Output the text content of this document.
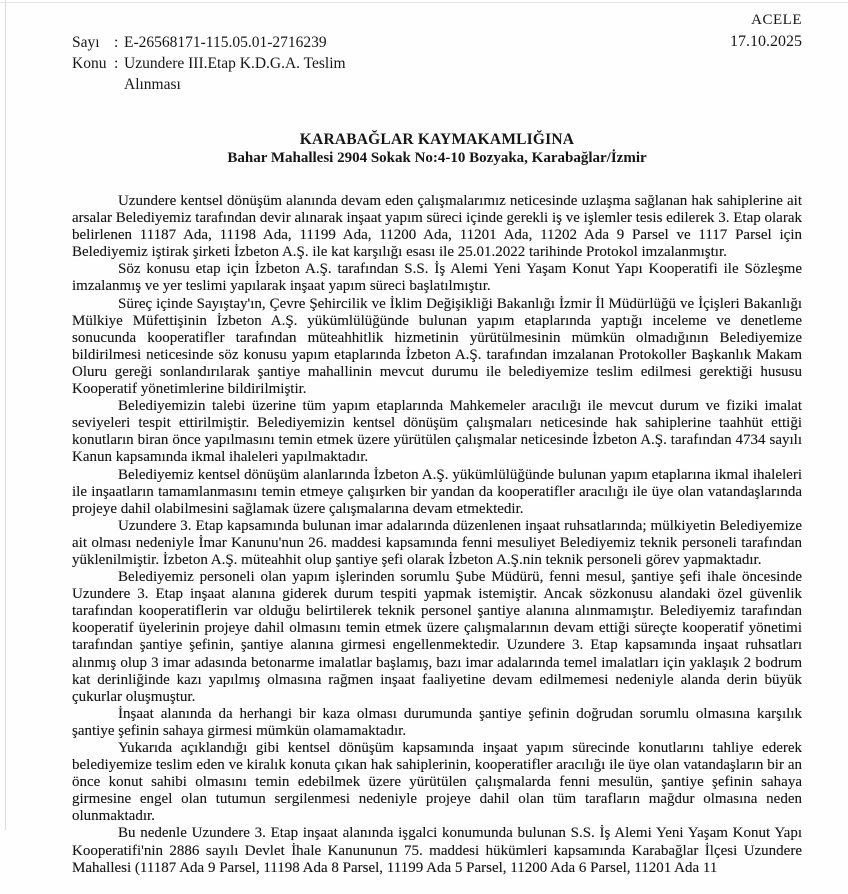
ACELE
17.10.2025
Sayı : E-26568171-115.05.01-2716239
Konu : Uzundere III.Etap K.D.G.A. Teslim Alınması
KARABAĞLAR KAYMAKAMLIĞINA
Bahar Mahallesi 2904 Sokak No:4-10 Bozyaka, Karabağlar/İzmir

Uzundere kentsel dönüşüm alanında devam eden çalışmalarımız neticesinde uzlaşma sağlanan hak sahiplerine ait arsalar Belediyemiz tarafından devir alınarak inşaat yapım süreci içinde gerekli iş ve işlemler tesis edilerek 3. Etap olarak belirlenen 11187 Ada, 11198 Ada, 11199 Ada, 11200 Ada, 11201 Ada, 11202 Ada 9 Parsel ve 1117 Parsel için Belediyemiz iştirak şirketi İzbeton A.Ş. ile kat karşılığı esası ile 25.01.2022 tarihinde Protokol imzalanmıştır.

Söz konusu etap için İzbeton A.Ş. tarafından S.S. İş Alemi Yeni Yaşam Konut Yapı Kooperatifi ile Sözleşme imzalanmış ve yer teslimi yapılarak inşaat yapım süreci başlatılmıştır.

Süreç içinde Sayıştay'ın, Çevre Şehircilik ve İklim Değişikliği Bakanlığı İzmir İl Müdürlüğü ve İçişleri Bakanlığı Mülkiye Müfettişinin İzbeton A.Ş. yükümlülüğünde bulunan yapım etaplarında yaptığı inceleme ve denetleme sonucunda kooperatifler tarafından müteahhitlik hizmetinin yürütülmesinin mümkün olmadığının Belediyemize bildirilmesi neticesinde söz konusu yapım etaplarında İzbeton A.Ş. tarafından imzalanan Protokoller Başkanlık Makam Oluru gereği sonlandırılarak şantiye mahallinin mevcut durumu ile belediyemize teslim edilmesi gerektiği hususu Kooperatif yönetimlerine bildirilmiştir.

Belediyemizin talebi üzerine tüm yapım etaplarında Mahkemeler aracılığı ile mevcut durum ve fiziki imalat seviyeleri tespit ettirilmiştir. Belediyemizin kentsel dönüşüm çalışmaları neticesinde hak sahiplerine taahhüt ettiği konutların biran önce yapılmasını temin etmek üzere yürütülen çalışmalar neticesinde İzbeton A.Ş. tarafından 4734 sayılı Kanun kapsamında ikmal ihaleleri yapılmaktadır.

Belediyemiz kentsel dönüşüm alanlarında İzbeton A.Ş. yükümlülüğünde bulunan yapım etaplarına ikmal ihaleleri ile inşaatların tamamlanmasını temin etmeye çalışırken bir yandan da kooperatifler aracılığı ile üye olan vatandaşlarında projeye dahil olabilmesini sağlamak üzere çalışmalarına devam etmektedir.

Uzundere 3. Etap kapsamında bulunan imar adalarında düzenlenen inşaat ruhsatlarında; mülkiyetin Belediyemize ait olması nedeniyle İmar Kanunu'nun 26. maddesi kapsamında fenni mesuliyet Belediyemiz teknik personeli tarafından yüklenilmiştir. İzbeton A.Ş. müteahhit olup şantiye şefi olarak İzbeton A.Ş.nin teknik personeli görev yapmaktadır.

Belediyemiz personeli olan yapım işlerinden sorumlu Şube Müdürü, fenni mesul, şantiye şefi ihale öncesinde Uzundere 3. Etap inşaat alanına giderek durum tespiti yapmak istemiştir. Ancak sözkonusu alandaki özel güvenlik tarafından kooperatiflerin var olduğu belirtilerek teknik personel şantiye alanına alınmamıştır. Belediyemiz tarafından kooperatif üyelerinin projeye dahil olmasını temin etmek üzere çalışmalarının devam ettiği süreçte kooperatif yönetimi tarafından şantiye şefinin, şantiye alanına girmesi engellenmektedir. Uzundere 3. Etap kapsamında inşaat ruhsatları alınmış olup 3 imar adasında betonarme imalatlar başlamış, bazı imar adalarında temel imalatları için yaklaşık 2 bodrum kat derinliğinde kazı yapılmış olmasına rağmen inşaat faaliyetine devam edilmemesi nedeniyle alanda derin büyük çukurlar oluşmuştur.

İnşaat alanında da herhangi bir kaza olması durumunda şantiye şefinin doğrudan sorumlu olmasına karşılık şantiye şefinin sahaya girmesi mümkün olamamaktadır.

Yukarıda açıklandığı gibi kentsel dönüşüm kapsamında inşaat yapım sürecinde konutlarını tahliye ederek belediyemize teslim eden ve kiralık konuta çıkan hak sahiplerinin, kooperatifler aracılığı ile üye olan vatandaşların bir an önce konut sahibi olmasını temin edebilmek üzere yürütülen çalışmalarda fenni mesulün, şantiye şefinin sahaya girmesine engel olan tutumun sergilenmesi nedeniyle projeye dahil olan tüm tarafların mağdur olmasına neden olunmaktadır.

Bu nedenle Uzundere 3. Etap inşaat alanında işgalci konumunda bulunan S.S. İş Alemi Yeni Yaşam Konut Yapı Kooperatifi'nin 2886 sayılı Devlet İhale Kanununun 75. maddesi hükümleri kapsamında Karabağlar İlçesi Uzundere Mahallesi (11187 Ada 9 Parsel, 11198 Ada 8 Parsel, 11199 Ada 5 Parsel, 11200 Ada 6 Parsel, 11201 Ada 11
